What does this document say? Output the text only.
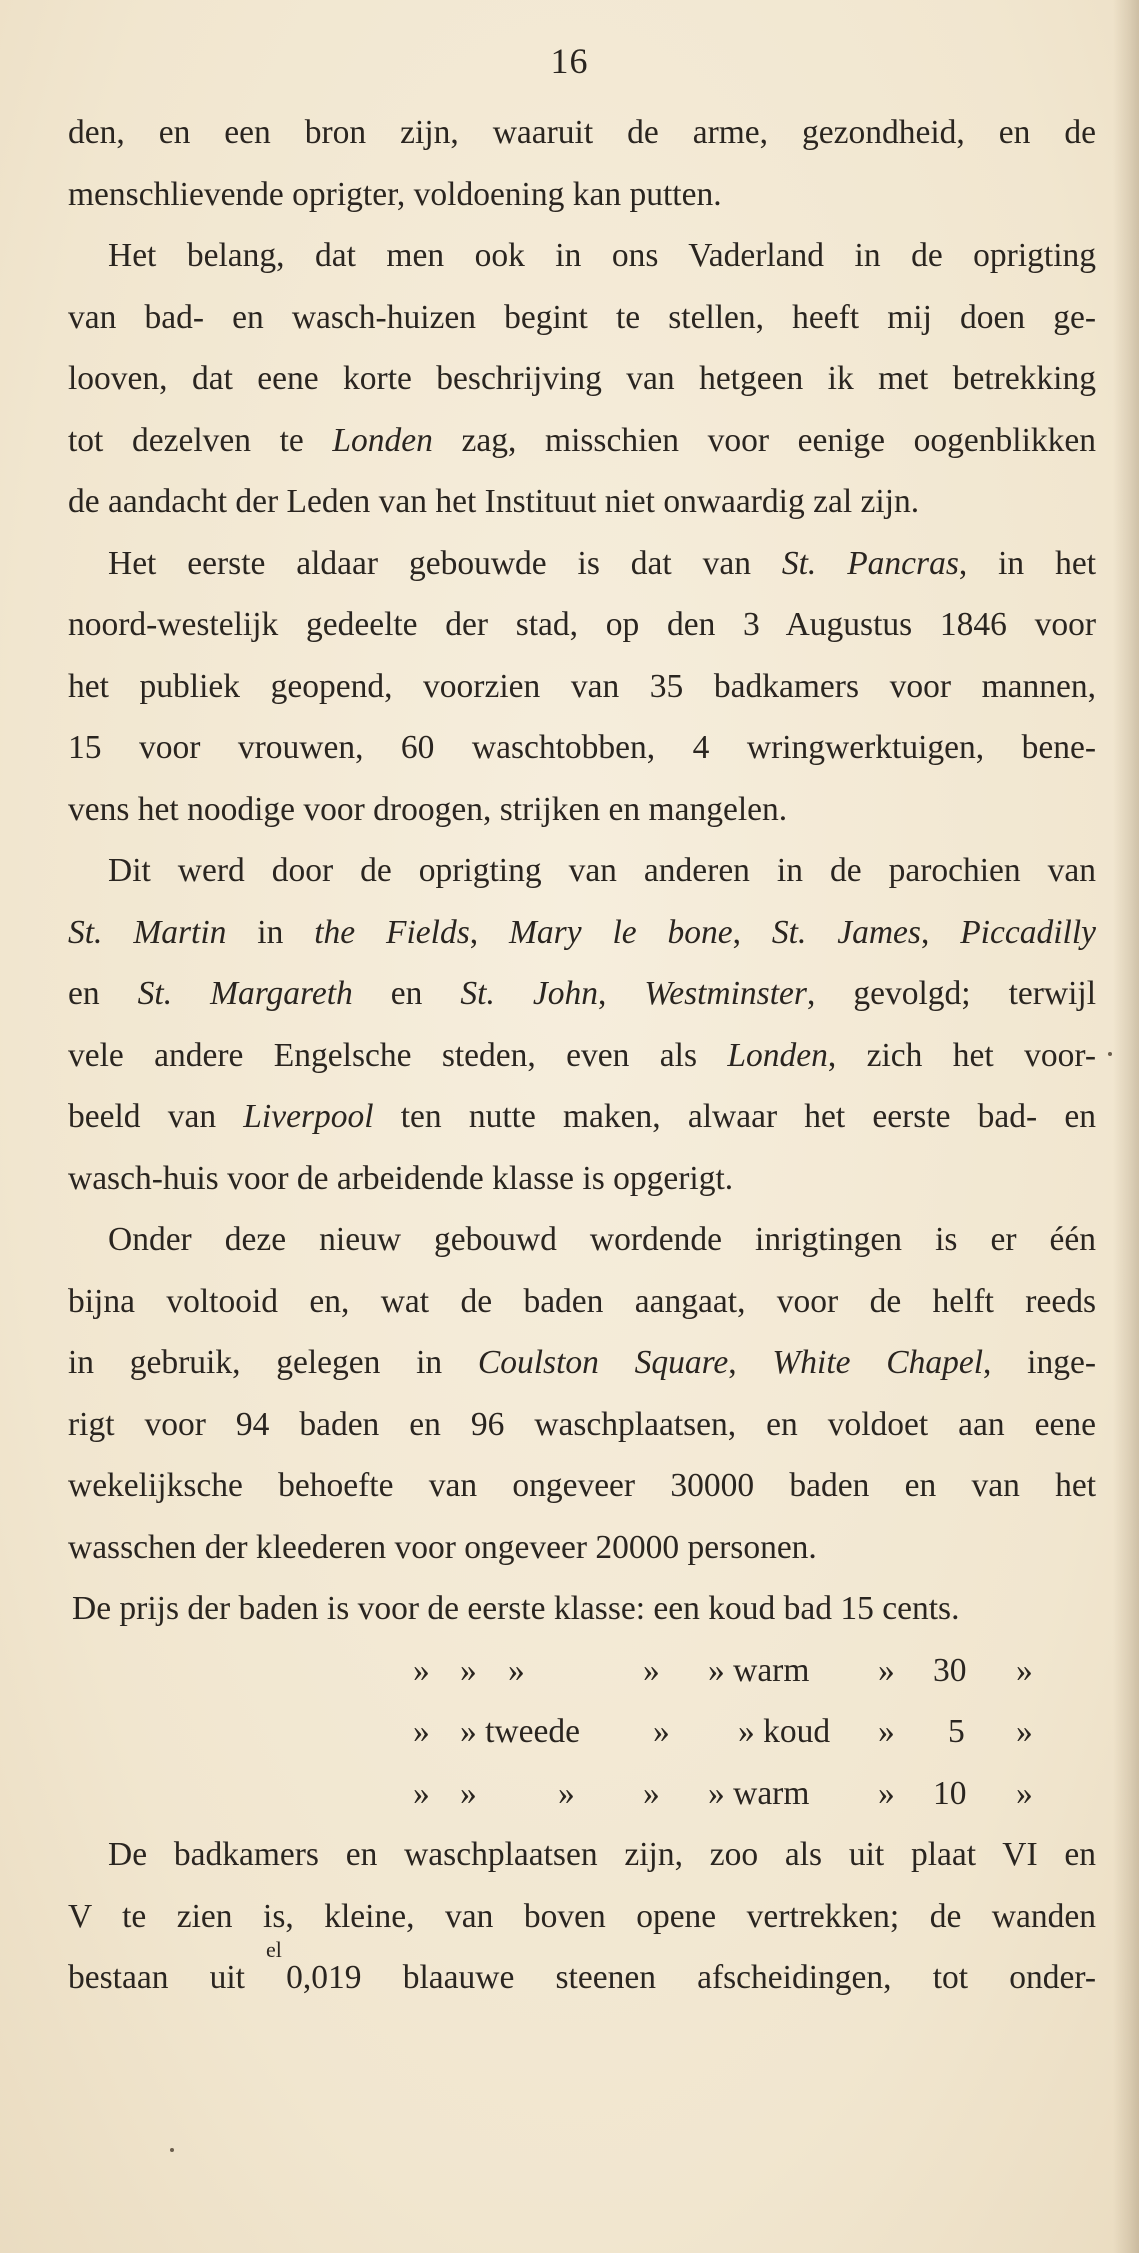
16
den, en een bron zijn, waaruit de arme, gezondheid, en de
menschlievende oprigter, voldoening kan putten.
Het belang, dat men ook in ons Vaderland in de oprigting
van bad- en wasch-huizen begint te stellen, heeft mij doen ge-
looven, dat eene korte beschrijving van hetgeen ik met betrekking
tot dezelven te Londen zag, misschien voor eenige oogenblikken
de aandacht der Leden van het Instituut niet onwaardig zal zijn.
Het eerste aldaar gebouwde is dat van St. Pancras, in het
noord-westelijk gedeelte der stad, op den 3 Augustus 1846 voor
het publiek geopend, voorzien van 35 badkamers voor mannen,
15 voor vrouwen, 60 waschtobben, 4 wringwerktuigen, bene-
vens het noodige voor droogen, strijken en mangelen.
Dit werd door de oprigting van anderen in de parochien van
St. Martin in the Fields, Mary le bone, St. James, Piccadilly
en St. Margareth en St. John, Westminster, gevolgd; terwijl
vele andere Engelsche steden, even als Londen, zich het voor-
beeld van Liverpool ten nutte maken, alwaar het eerste bad- en
wasch-huis voor de arbeidende klasse is opgerigt.
Onder deze nieuw gebouwd wordende inrigtingen is er één
bijna voltooid en, wat de baden aangaat, voor de helft reeds
in gebruik, gelegen in Coulston Square, White Chapel, inge-
rigt voor 94 baden en 96 waschplaatsen, en voldoet aan eene
wekelijksche behoefte van ongeveer 30000 baden en van het
wasschen der kleederen voor ongeveer 20000 personen.
De prijs der baden is voor de eerste klasse: een koud bad 15 cents.
» » »	» » warm » 30 »
» » tweede » » koud » 5 »
» » » » » warm » 10 »
De badkamers en waschplaatsen zijn, zoo als uit plaat VI en
V te zien is, kleine, van boven opene vertrekken; de wanden
el
bestaan uit 0,019 blaauwe steenen afscheidingen, tot onder-
